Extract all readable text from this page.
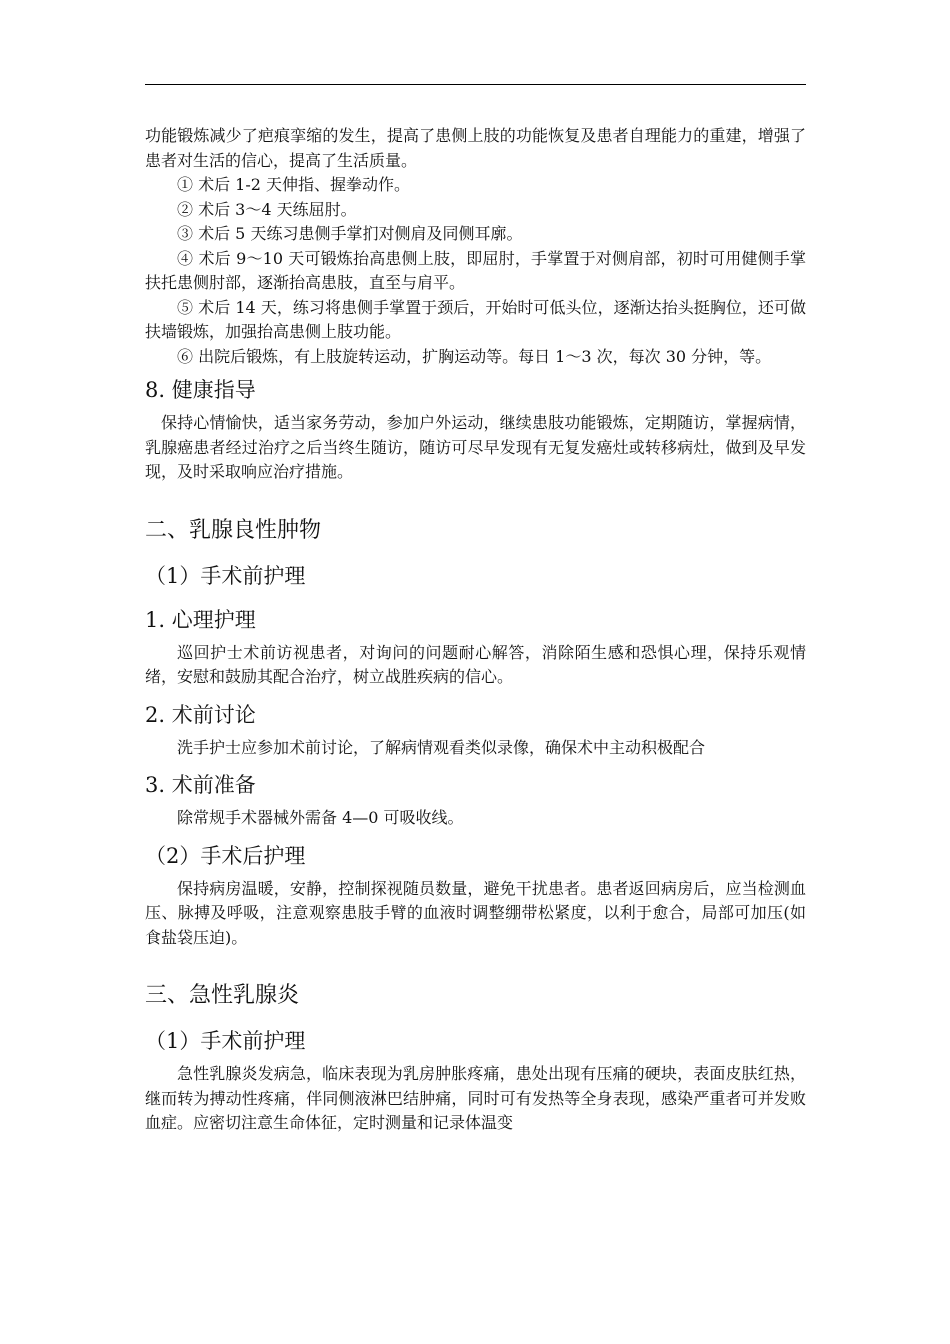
功能锻炼减少了疤痕挛缩的发生，提高了患侧上肢的功能恢复及患者自理能力的重建，增强了患者对生活的信心，提高了生活质量。

① 术后 1-2 天伸指、握拳动作。

② 术后 3～4 天练屈肘。

③ 术后 5 天练习患侧手掌扪对侧肩及同侧耳廓。

④ 术后 9～10 天可锻炼抬高患侧上肢，即屈肘，手掌置于对侧肩部，初时可用健侧手掌扶托患侧肘部，逐渐抬高患肢，直至与肩平。

⑤ 术后 14 天，练习将患侧手掌置于颈后，开始时可低头位，逐渐达抬头挺胸位，还可做扶墙锻炼，加强抬高患侧上肢功能。

⑥ 出院后锻炼，有上肢旋转运动，扩胸运动等。每日 1～3 次，每次 30 分钟，等。

8. 健康指导

保持心情愉快，适当家务劳动，参加户外运动，继续患肢功能锻炼，定期随访，掌握病情，乳腺癌患者经过治疗之后当终生随访，随访可尽早发现有无复发癌灶或转移病灶，做到及早发现，及时采取响应治疗措施。

二、乳腺良性肿物
（1）手术前护理
1. 心理护理

巡回护士术前访视患者，对询问的问题耐心解答，消除陌生感和恐惧心理，保持乐观情绪，安慰和鼓励其配合治疗，树立战胜疾病的信心。

2. 术前讨论

洗手护士应参加术前讨论，了解病情观看类似录像，确保术中主动积极配合

3. 术前准备

除常规手术器械外需备 4—0 可吸收线。

（2）手术后护理

保持病房温暖，安静，控制探视随员数量，避免干扰患者。患者返回病房后，应当检测血压、脉搏及呼吸，注意观察患肢手臂的血液时调整绷带松紧度，以利于愈合，局部可加压(如食盐袋压迫)。

三、急性乳腺炎
（1）手术前护理

急性乳腺炎发病急，临床表现为乳房肿胀疼痛，患处出现有压痛的硬块，表面皮肤红热，继而转为搏动性疼痛，伴同侧液淋巴结肿痛，同时可有发热等全身表现，感染严重者可并发败血症。应密切注意生命体征，定时测量和记录体温变
